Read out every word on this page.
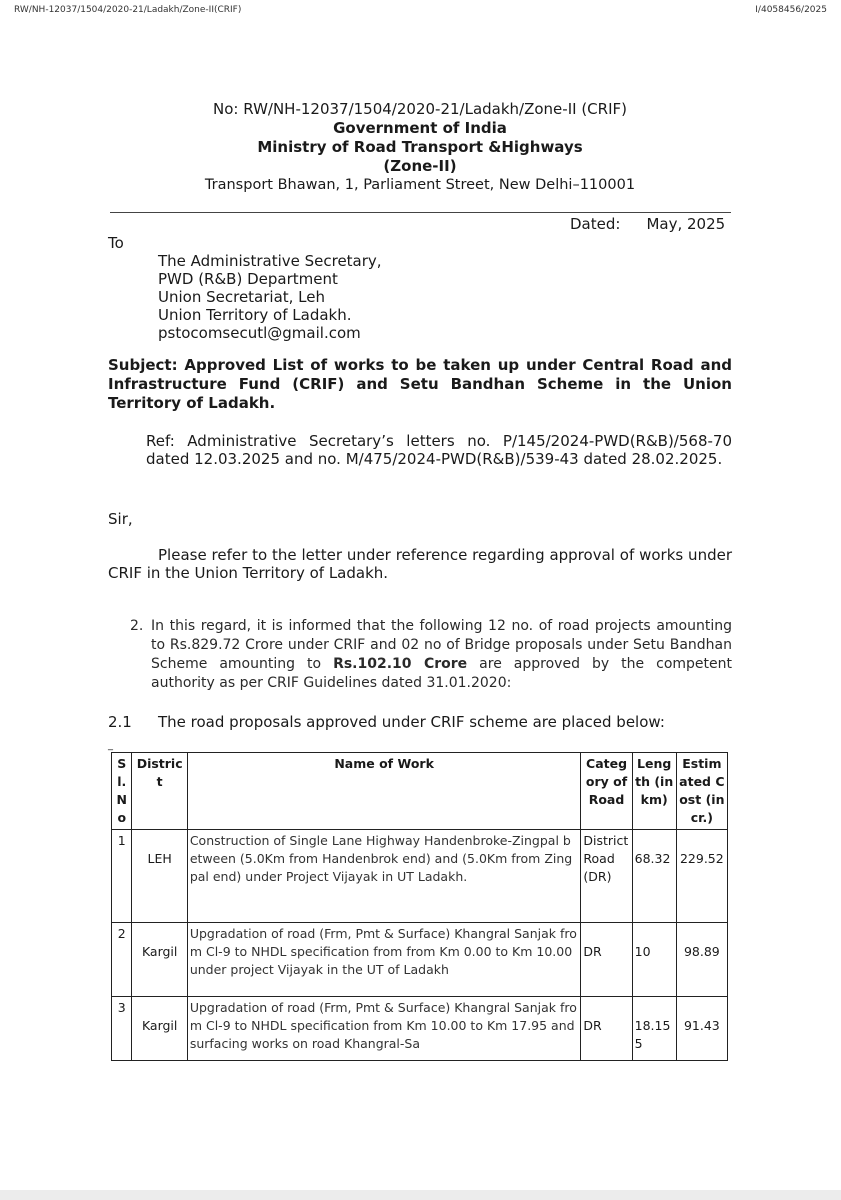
RW/NH-12037/1504/2020-21/Ladakh/Zone-II(CRIF)	I/4058456/2025
No: RW/NH-12037/1504/2020-21/Ladakh/Zone-II (CRIF)
Government of India
Ministry of Road Transport &Highways
(Zone-II)
Transport Bhawan, 1, Parliament Street, New Delhi–110001
Dated: May, 2025
To
The Administrative Secretary,
PWD (R&B) Department
Union Secretariat, Leh
Union Territory of Ladakh.
pstocomsecutl@gmail.com
Subject: Approved List of works to be taken up under Central Road and Infrastructure Fund (CRIF) and Setu Bandhan Scheme in the Union Territory of Ladakh.
Ref: Administrative Secretary’s letters no. P/145/2024-PWD(R&B)/568-70 dated 12.03.2025 and no. M/475/2024-PWD(R&B)/539-43 dated 28.02.2025.
Sir,
Please refer to the letter under reference regarding approval of works under CRIF in the Union Territory of Ladakh.
2. In this regard, it is informed that the following 12 no. of road projects amounting to Rs.829.72 Crore under CRIF and 02 no of Bridge proposals under Setu Bandhan Scheme amounting to Rs.102.10 Crore are approved by the competent authority as per CRIF Guidelines dated 31.01.2020:
2.1 The road proposals approved under CRIF scheme are placed below:
_
S l. N o	District	Name of Work	Category of Road	Length (in km)	Estimated Cost (in cr.)
1	LEH	Construction of Single Lane Highway Handenbroke-Zingpal between (5.0Km from Handenbrok end) and (5.0Km from Zingpal end) under Project Vijayak in UT Ladakh.	District Road (DR)	68.32	229.52
2	Kargil	Upgradation of road (Frm, Pmt & Surface) Khangral Sanjak from Cl-9 to NHDL specification from from Km 0.00 to Km 10.00 under project Vijayak in the UT of Ladakh	DR	10	98.89
3	Kargil	Upgradation of road (Frm, Pmt & Surface) Khangral Sanjak from Cl-9 to NHDL specification from Km 10.00 to Km 17.95 and surfacing works on road Khangral-Sa	DR	18.155	91.43
